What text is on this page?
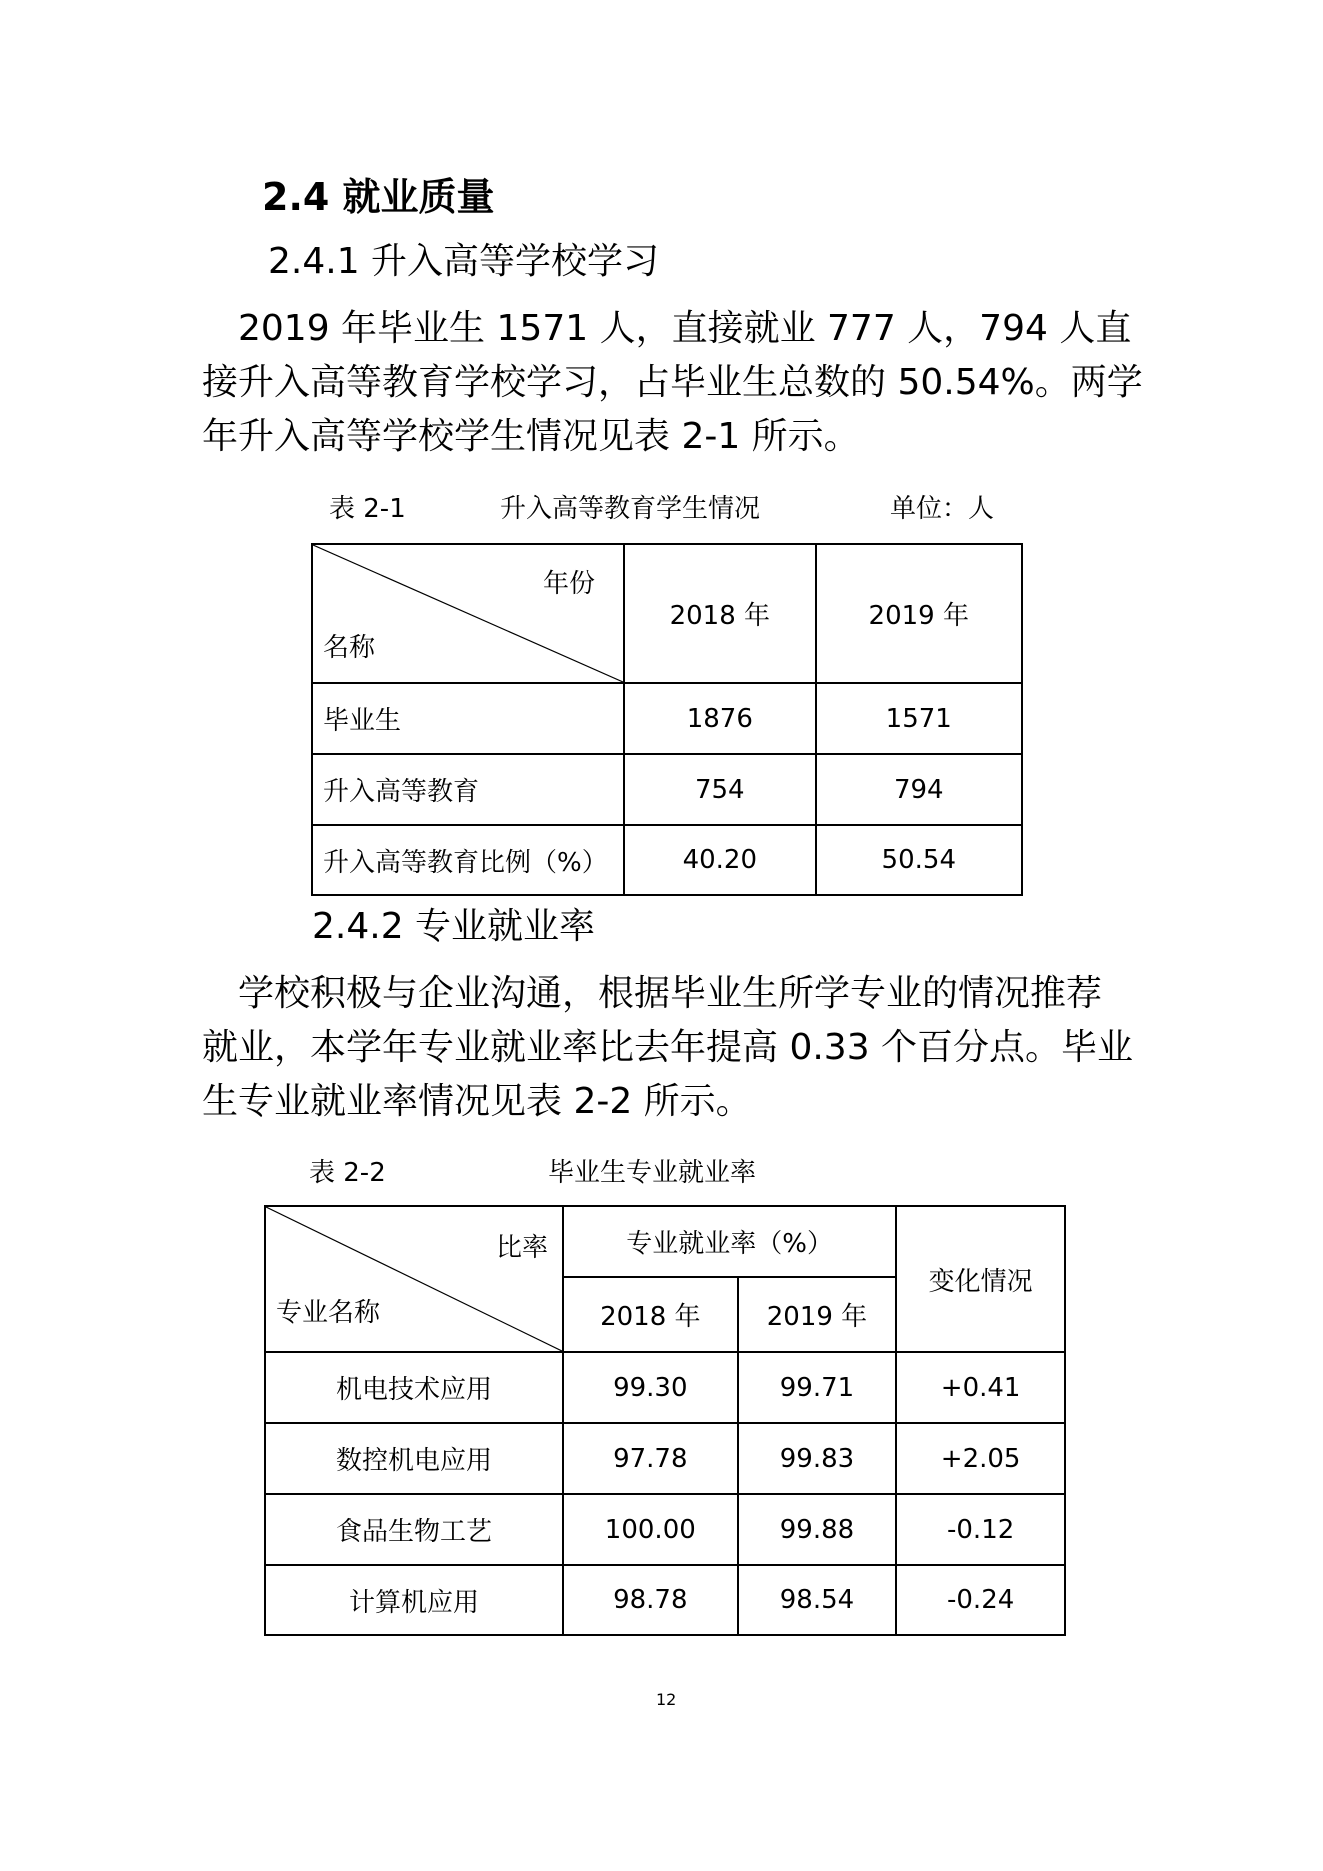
2.4 就业质量
2.4.1 升入高等学校学习

　2019 年毕业生 1571 人，直接就业 777 人，794 人直

接升入高等教育学校学习，占毕业生总数的 50.54%。两学

年升入高等学校学生情况见表 2-1 所示。

表 2-1	升入高等教育学生情况	单位：人
年份
名称	2018 年	2019 年
毕业生	1876	1571
升入高等教育	754	794
升入高等教育比例（%）	40.20	50.54
2.4.2 专业就业率

　学校积极与企业沟通，根据毕业生所学专业的情况推荐

就业，本学年专业就业率比去年提高 0.33 个百分点。毕业

生专业就业率情况见表 2-2 所示。

表 2-2	毕业生专业就业率
比率
专业名称	专业就业率（%）		变化情况
	2018 年	2019 年	
机电技术应用	99.30	99.71	+0.41
数控机电应用	97.78	99.83	+2.05
食品生物工艺	100.00	99.88	-0.12
计算机应用	98.78	98.54	-0.24
12
